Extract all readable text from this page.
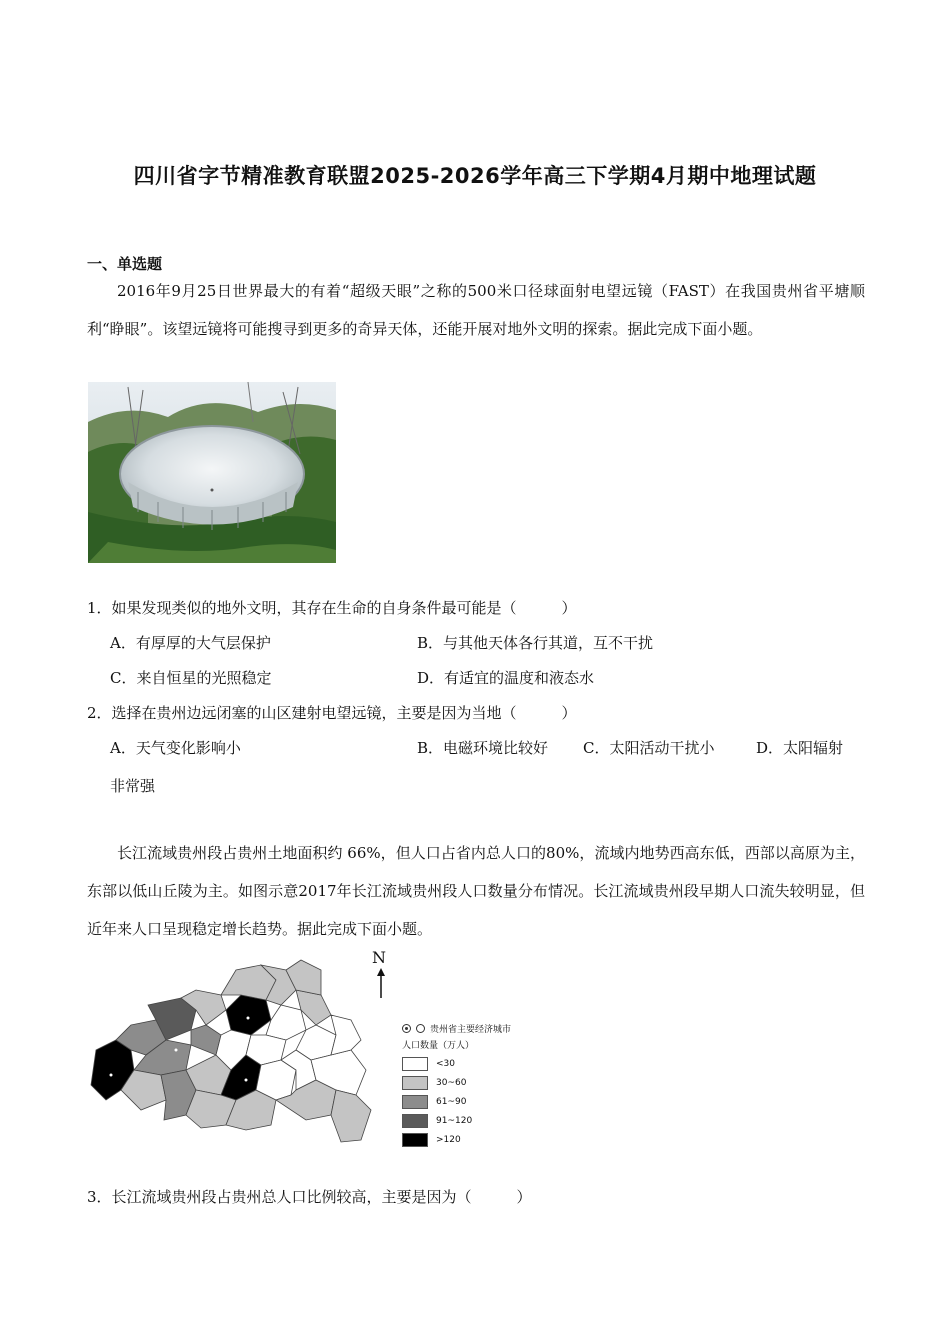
四川省字节精准教育联盟2025-2026学年高三下学期4月期中地理试题
一、单选题

2016年9月25日世界最大的有着“超级天眼”之称的500米口径球面射电望远镜（FAST）在我国贵州省平塘顺利“睁眼”。该望远镜将可能搜寻到更多的奇异天体，还能开展对地外文明的探索。据此完成下面小题。

1．如果发现类似的地外文明，其存在生命的自身条件最可能是（　　　）
A．有厚厚的大气层保护	B．与其他天体各行其道，互不干扰
C．来自恒星的光照稳定	D．有适宜的温度和液态水
2．选择在贵州边远闭塞的山区建射电望远镜，主要是因为当地（　　　）
A．天气变化影响小	B．电磁环境比较好 C．太阳活动干扰小	D．太阳辐射
非常强

长江流域贵州段占贵州土地面积约 66%，但人口占省内总人口的80%，流域内地势西高东低，西部以高原为主，东部以低山丘陵为主。如图示意2017年长江流域贵州段人口数量分布情况。长江流域贵州段早期人口流失较明显，但近年来人口呈现稳定增长趋势。据此完成下面小题。

N
贵州省主要经济城市
人口数量（万人）
<30
30~60
61~90
91~120
>120
3．长江流域贵州段占贵州总人口比例较高，主要是因为（　　　）
